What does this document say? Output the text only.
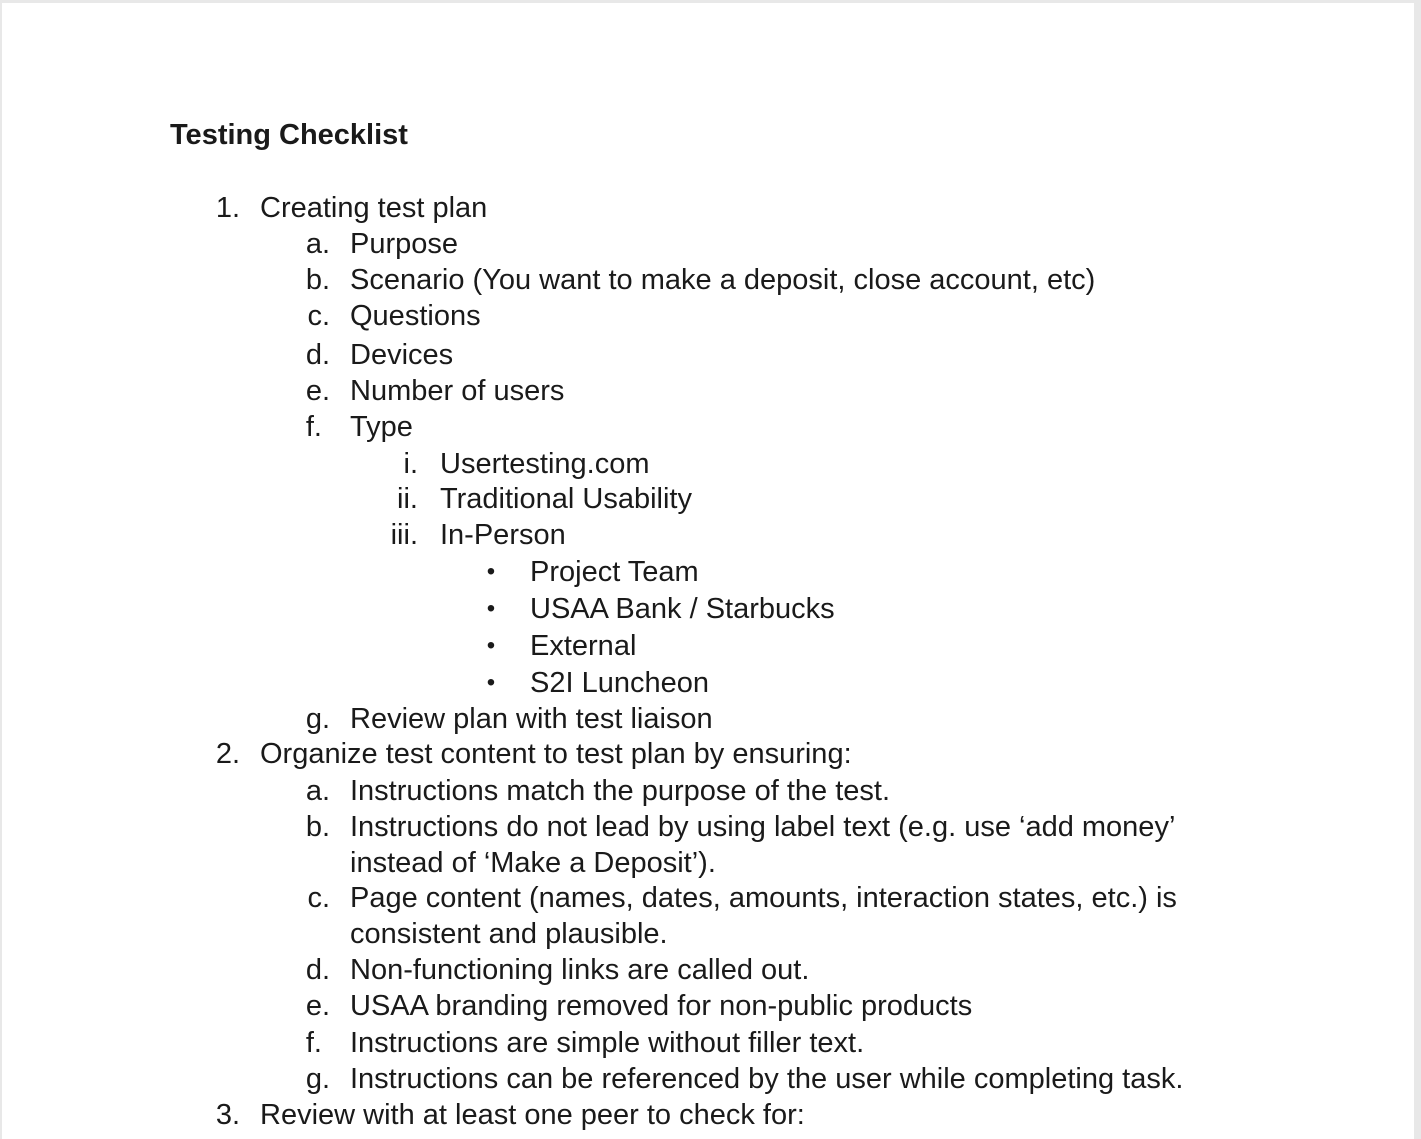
Testing Checklist
1. Creating test plan
a. Purpose
b. Scenario (You want to make a deposit, close account, etc)
c. Questions
d. Devices
e. Number of users
f. Type
i. Usertesting.com
ii. Traditional Usability
iii. In-Person
• Project Team
• USAA Bank / Starbucks
• External
• S2I Luncheon
g. Review plan with test liaison
2. Organize test content to test plan by ensuring:
a. Instructions match the purpose of the test.
b. Instructions do not lead by using label text (e.g. use ‘add money’
instead of ‘Make a Deposit’).
c. Page content (names, dates, amounts, interaction states, etc.) is
consistent and plausible.
d. Non-functioning links are called out.
e. USAA branding removed for non-public products
f. Instructions are simple without filler text.
g. Instructions can be referenced by the user while completing task.
3. Review with at least one peer to check for:
